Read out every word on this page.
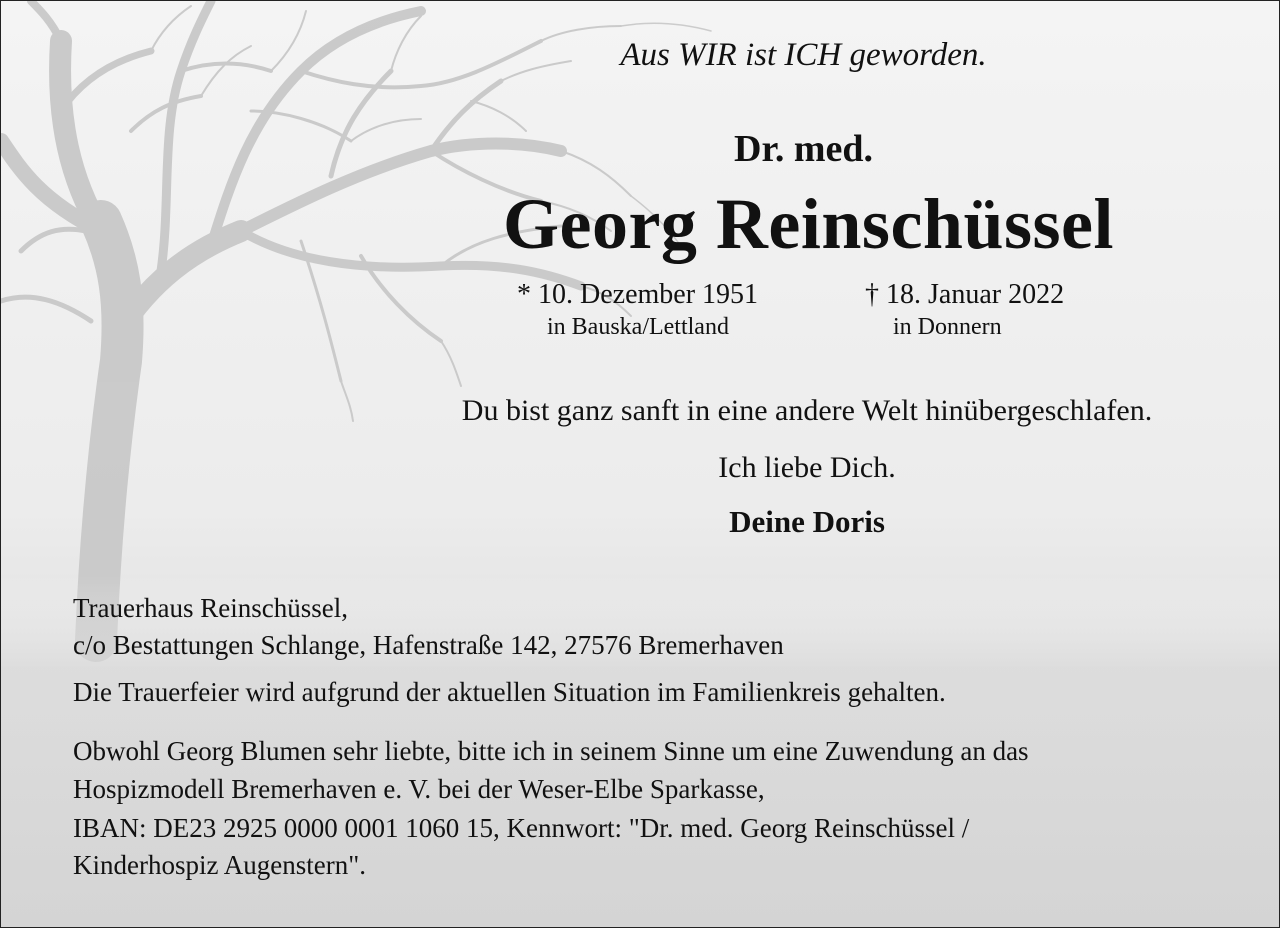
Aus WIR ist ICH geworden.
Dr. med.
Georg Reinschüssel
* 10. Dezember 1951
in Bauska/Lettland
† 18. Januar 2022
in Donnern
Du bist ganz sanft in eine andere Welt hinübergeschlafen.
Ich liebe Dich.
Deine Doris
Trauerhaus Reinschüssel,
c/o Bestattungen Schlange, Hafenstraße 142, 27576 Bremerhaven
Die Trauerfeier wird aufgrund der aktuellen Situation im Familienkreis gehalten.
Obwohl Georg Blumen sehr liebte, bitte ich in seinem Sinne um eine Zuwendung an das
Hospizmodell Bremerhaven e. V. bei der Weser-Elbe Sparkasse,
IBAN: DE23 2925 0000 0001 1060 15, Kennwort: "Dr. med. Georg Reinschüssel /
Kinderhospiz Augenstern".
